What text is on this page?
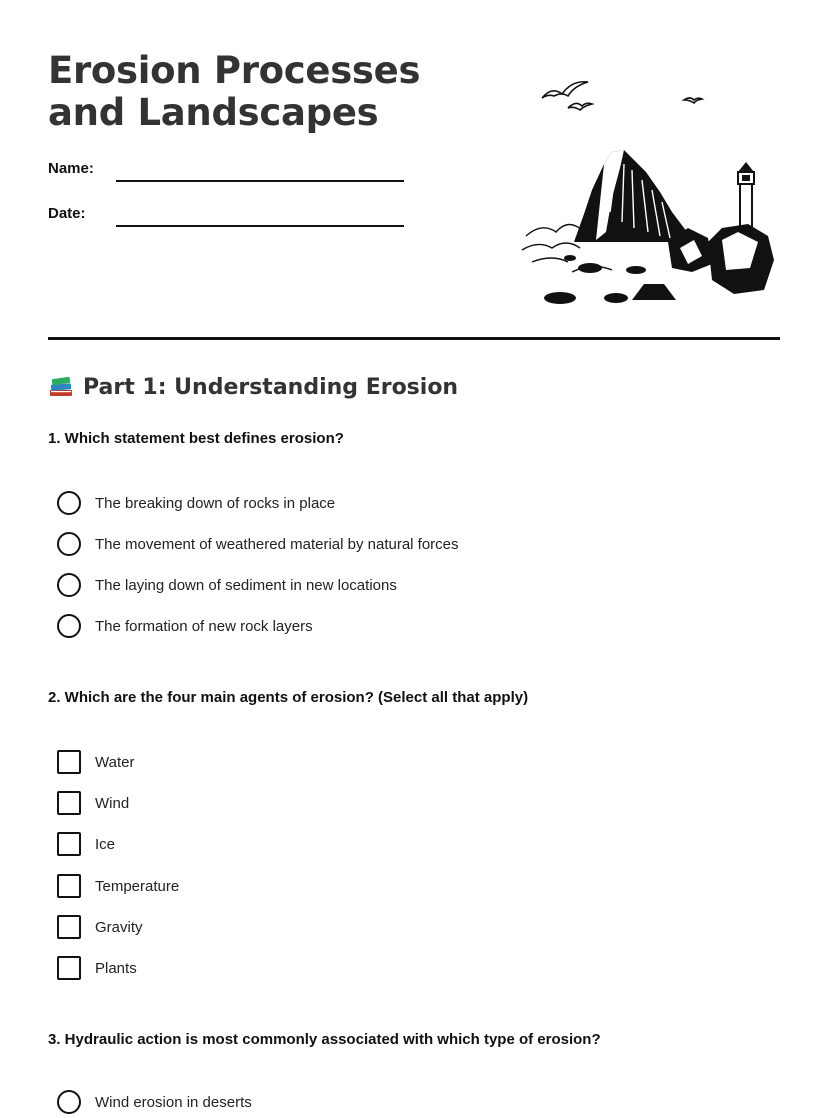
Erosion Processes and Landscapes
Name:
Date:
Part 1: Understanding Erosion

1. Which statement best defines erosion?

The breaking down of rocks in place
The movement of weathered material by natural forces
The laying down of sediment in new locations
The formation of new rock layers

2. Which are the four main agents of erosion? (Select all that apply)

Water
Wind
Ice
Temperature
Gravity
Plants

3. Hydraulic action is most commonly associated with which type of erosion?

Wind erosion in deserts
